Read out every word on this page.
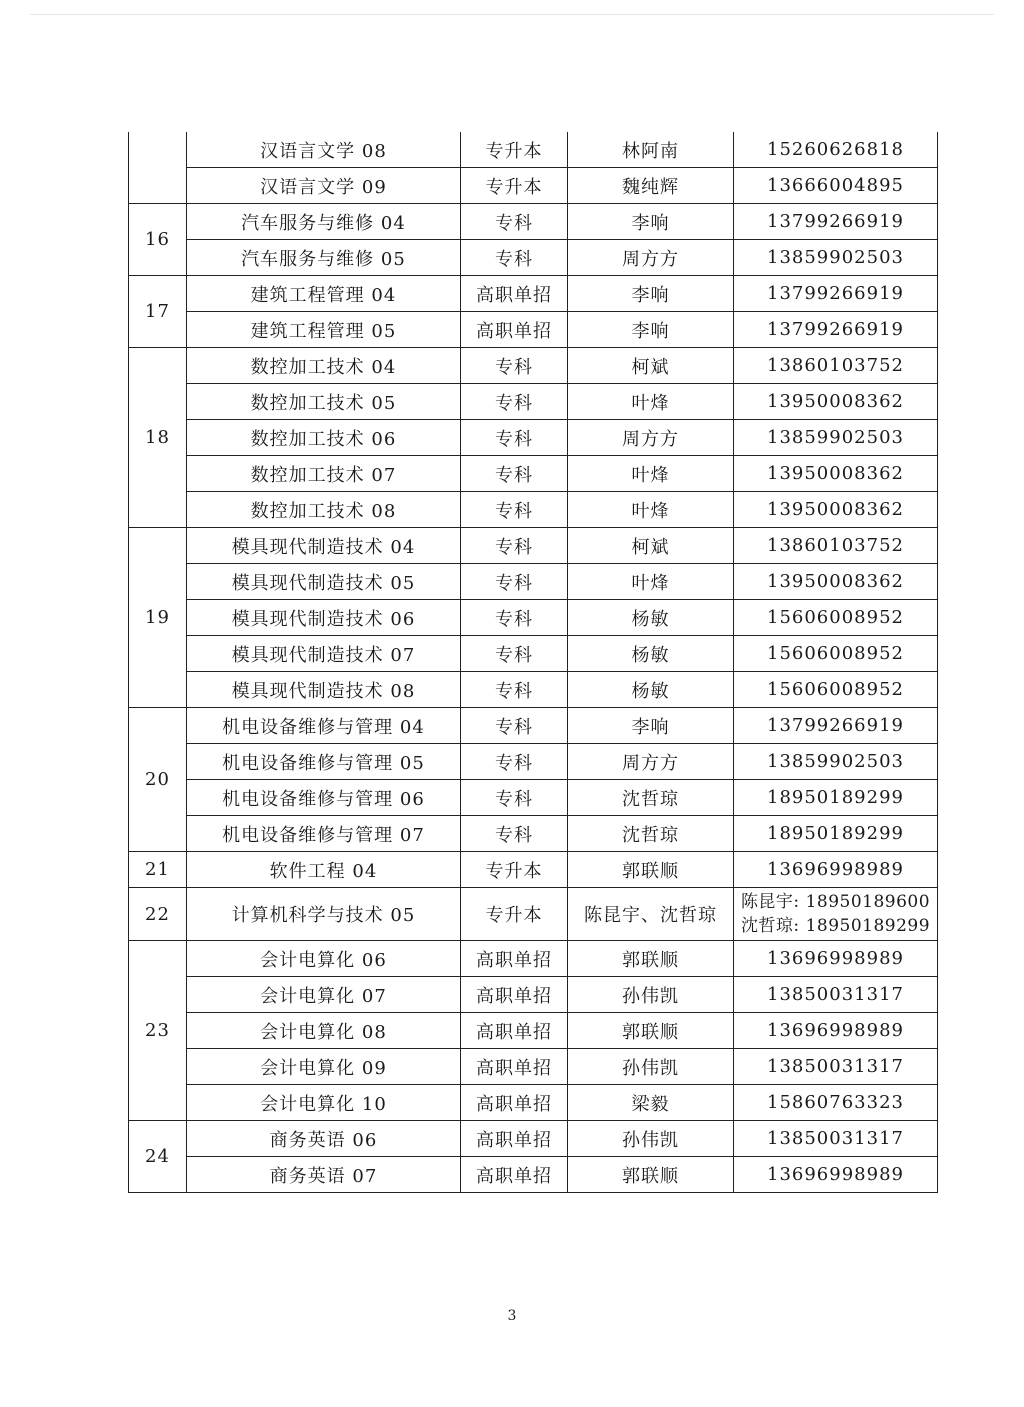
	汉语言文学 08	专升本	林阿南	15260626818
	汉语言文学 09	专升本	魏纯辉	13666004895
16	汽车服务与维修 04	专科	李响	13799266919
	汽车服务与维修 05	专科	周方方	13859902503
17	建筑工程管理 04	高职单招	李响	13799266919
	建筑工程管理 05	高职单招	李响	13799266919
18	数控加工技术 04	专科	柯斌	13860103752
	数控加工技术 05	专科	叶烽	13950008362
	数控加工技术 06	专科	周方方	13859902503
	数控加工技术 07	专科	叶烽	13950008362
	数控加工技术 08	专科	叶烽	13950008362
19	模具现代制造技术 04	专科	柯斌	13860103752
	模具现代制造技术 05	专科	叶烽	13950008362
	模具现代制造技术 06	专科	杨敏	15606008952
	模具现代制造技术 07	专科	杨敏	15606008952
	模具现代制造技术 08	专科	杨敏	15606008952
20	机电设备维修与管理 04	专科	李响	13799266919
	机电设备维修与管理 05	专科	周方方	13859902503
	机电设备维修与管理 06	专科	沈哲琼	18950189299
	机电设备维修与管理 07	专科	沈哲琼	18950189299
21	软件工程 04	专升本	郭联顺	13696998989
22	计算机科学与技术 05	专升本	陈昆宇、沈哲琼	陈昆宇: 18950189600
沈哲琼: 18950189299

23	会计电算化 06	高职单招	郭联顺	13696998989
	会计电算化 07	高职单招	孙伟凯	13850031317
	会计电算化 08	高职单招	郭联顺	13696998989
	会计电算化 09	高职单招	孙伟凯	13850031317
	会计电算化 10	高职单招	梁毅	15860763323
24	商务英语 06	高职单招	孙伟凯	13850031317
	商务英语 07	高职单招	郭联顺	13696998989
3
